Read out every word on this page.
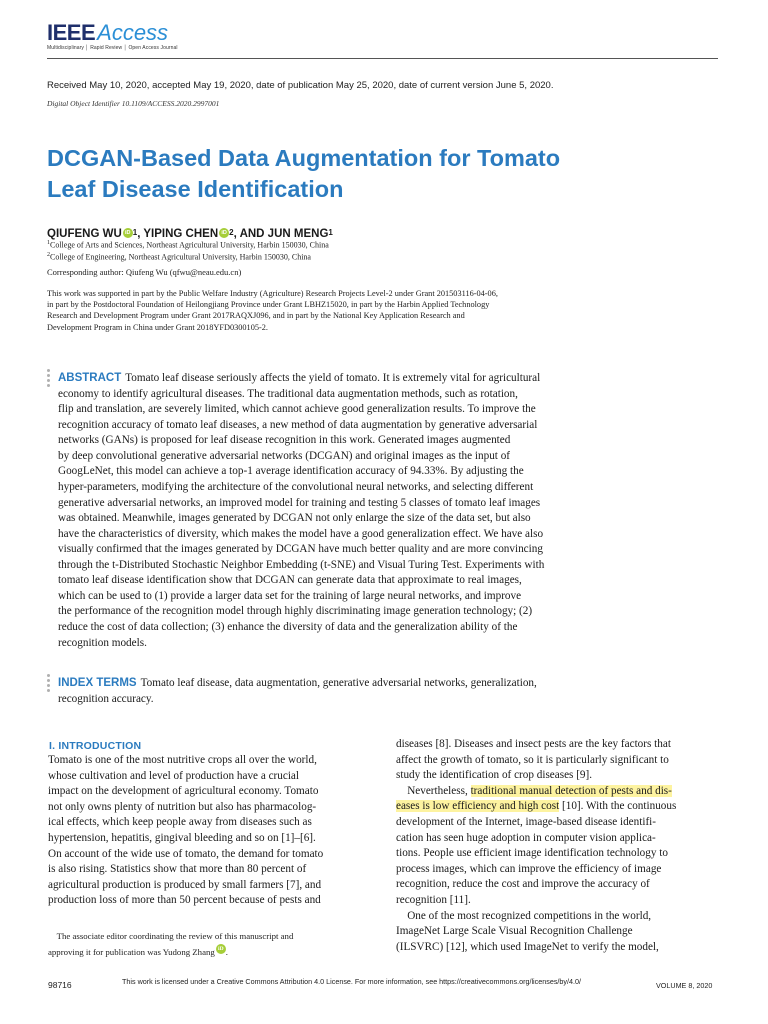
IEEEAccess
Multidisciplinary │ Rapid Review │ Open Access Journal
Received May 10, 2020, accepted May 19, 2020, date of publication May 25, 2020, date of current version June 5, 2020.
Digital Object Identifier 10.1109/ACCESS.2020.2997001
DCGAN-Based Data Augmentation for Tomato
Leaf Disease Identification
QIUFENG WU iD $^1$, YIPING CHEN iD $^2$, AND JUN MENG$^1$
$^1$College of Arts and Sciences, Northeast Agricultural University, Harbin 150030, China
$^2$College of Engineering, Northeast Agricultural University, Harbin 150030, China
Corresponding author: Qiufeng Wu (qfwu@neau.edu.cn)
This work was supported in part by the Public Welfare Industry (Agriculture) Research Projects Level-2 under Grant 201503116-04-06,
in part by the Postdoctoral Foundation of Heilongjiang Province under Grant LBHZ15020, in part by the Harbin Applied Technology
Research and Development Program under Grant 2017RAQXJ096, and in part by the National Key Application Research and
Development Program in China under Grant 2018YFD0300105-2.
ABSTRACT Tomato leaf disease seriously affects the yield of tomato. It is extremely vital for agricultural
economy to identify agricultural diseases. The traditional data augmentation methods, such as rotation,
flip and translation, are severely limited, which cannot achieve good generalization results. To improve the
recognition accuracy of tomato leaf diseases, a new method of data augmentation by generative adversarial
networks (GANs) is proposed for leaf disease recognition in this work. Generated images augmented
by deep convolutional generative adversarial networks (DCGAN) and original images as the input of
GoogLeNet, this model can achieve a top-1 average identification accuracy of 94.33%. By adjusting the
hyper-parameters, modifying the architecture of the convolutional neural networks, and selecting different
generative adversarial networks, an improved model for training and testing 5 classes of tomato leaf images
was obtained. Meanwhile, images generated by DCGAN not only enlarge the size of the data set, but also
have the characteristics of diversity, which makes the model have a good generalization effect. We have also
visually confirmed that the images generated by DCGAN have much better quality and are more convincing
through the t-Distributed Stochastic Neighbor Embedding (t-SNE) and Visual Turing Test. Experiments with
tomato leaf disease identification show that DCGAN can generate data that approximate to real images,
which can be used to (1) provide a larger data set for the training of large neural networks, and improve
the performance of the recognition model through highly discriminating image generation technology; (2)
reduce the cost of data collection; (3) enhance the diversity of data and the generalization ability of the
recognition models.
INDEX TERMS Tomato leaf disease, data augmentation, generative adversarial networks, generalization,
recognition accuracy.
I. INTRODUCTION
Tomato is one of the most nutritive crops all over the world,
whose cultivation and level of production have a crucial
impact on the development of agricultural economy. Tomato
not only owns plenty of nutrition but also has pharmacolog-
ical effects, which keep people away from diseases such as
hypertension, hepatitis, gingival bleeding and so on [1]–[6].
On account of the wide use of tomato, the demand for tomato
is also rising. Statistics show that more than 80 percent of
agricultural production is produced by small farmers [7], and
production loss of more than 50 percent because of pests and
diseases [8]. Diseases and insect pests are the key factors that
affect the growth of tomato, so it is particularly significant to
study the identification of crop diseases [9].
Nevertheless, traditional manual detection of pests and dis-
eases is low efficiency and high cost [10]. With the continuous
development of the Internet, image-based disease identifi-
cation has seen huge adoption in computer vision applica-
tions. People use efficient image identification technology to
process images, which can improve the efficiency of image
recognition, reduce the cost and improve the accuracy of
recognition [11].
One of the most recognized competitions in the world,
ImageNet Large Scale Visual Recognition Challenge
(ILSVRC) [12], which used ImageNet to verify the model,
The associate editor coordinating the review of this manuscript and
approving it for publication was Yudong Zhang iD .
98716	This work is licensed under a Creative Commons Attribution 4.0 License. For more information, see https://creativecommons.org/licenses/by/4.0/	VOLUME 8, 2020
